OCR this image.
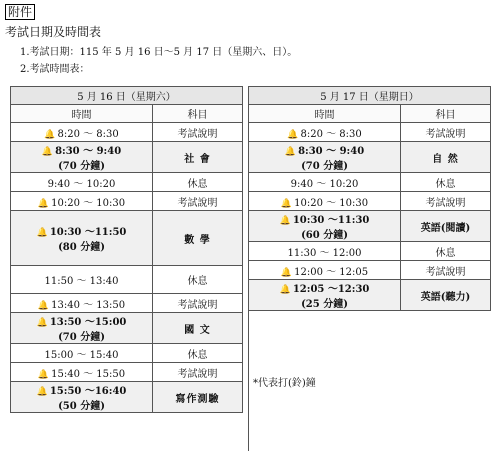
附件
考試日期及時間表
1.考試日期：115 年 5 月 16 日～5 月 17 日（星期六、日）。
2.考試時間表：
5 月 16 日（星期六）	
時間	科目
🔔 8:20 ～ 8:30	考試說明
🔔 8:30 ～ 9:40
(70 分鐘)	社 會
9:40 ～ 10:20	休息
🔔 10:20 ～ 10:30	考試說明
🔔 10:30 ～11:50
(80 分鐘)	數 學
11:50 ～ 13:40	休息
🔔 13:40 ～ 13:50	考試說明
🔔 13:50 ～15:00
(70 分鐘)	國 文
15:00 ～ 15:40	休息
🔔 15:40 ～ 15:50	考試說明
🔔 15:50 ～16:40
(50 分鐘)	寫作測驗
5 月 17 日（星期日）	
時間	科目
🔔 8:20 ～ 8:30	考試說明
🔔 8:30 ～ 9:40
(70 分鐘)	自 然
9:40 ～ 10:20	休息
🔔 10:20 ～ 10:30	考試說明
🔔 10:30 ～11:30
(60 分鐘)	英語(閱讀)
11:30 ～ 12:00	休息
🔔 12:00 ～ 12:05	考試說明
🔔 12:05 ～12:30
(25 分鐘)	英語(聽力)
*代表打(鈴)鐘	
